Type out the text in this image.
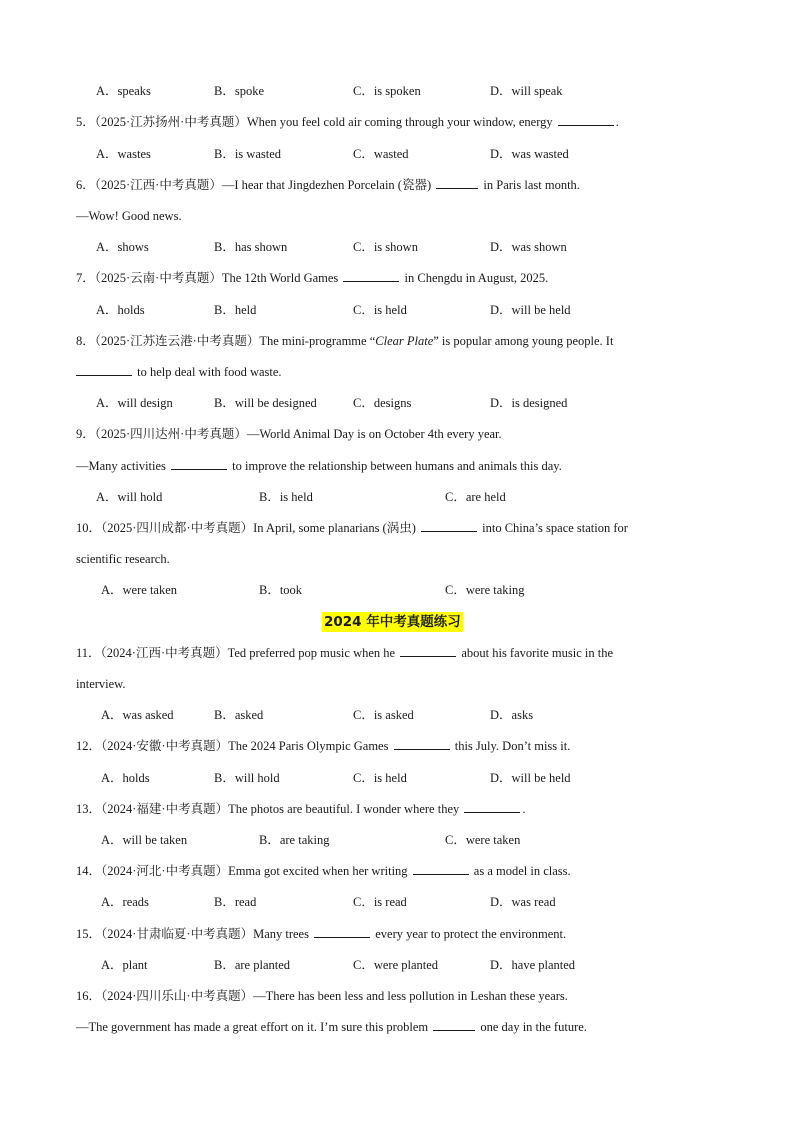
A．speaks	B．spoke	C．is spoken	D．will speak
5．（2025·江苏扬州·中考真题）When you feel cold air coming through your window, energy	.
A．wastes	B．is wasted	C．wasted	D．was wasted
6．（2025·江西·中考真题）—I hear that Jingdezhen Porcelain (瓷器)	in Paris last month.
—Wow! Good news.
A．shows	B．has shown	C．is shown	D．was shown
7．（2025·云南·中考真题）The 12th World Games	in Chengdu in August, 2025.
A．holds	B．held	C．is held	D．will be held
8．（2025·江苏连云港·中考真题）The mini-programme “Clear Plate” is popular among young people. It
to help deal with food waste.
A．will design	B．will be designed	C．designs	D．is designed
9．（2025·四川达州·中考真题）—World Animal Day is on October 4th every year.
—Many activities	to improve the relationship between humans and animals this day.
A．will hold	B．is held	C．are held
10．（2025·四川成都·中考真题）In April, some planarians (涡虫)	into China’s space station for
scientific research.
A．were taken	B．took	C．were taking
2024 年中考真题练习
11．（2024·江西·中考真题）Ted preferred pop music when he	about his favorite music in the
interview.
A．was asked	B．asked	C．is asked	D．asks
12．（2024·安徽·中考真题）The 2024 Paris Olympic Games	this July. Don’t miss it.
A．holds	B．will hold	C．is held	D．will be held
13．（2024·福建·中考真题）The photos are beautiful. I wonder where they	.
A．will be taken	B．are taking	C．were taken
14．（2024·河北·中考真题）Emma got excited when her writing	as a model in class.
A．reads	B．read	C．is read	D．was read
15．（2024·甘肃临夏·中考真题）Many trees	every year to protect the environment.
A．plant	B．are planted	C．were planted	D．have planted
16．（2024·四川乐山·中考真题）—There has been less and less pollution in Leshan these years.
—The government has made a great effort on it. I’m sure this problem	one day in the future.
